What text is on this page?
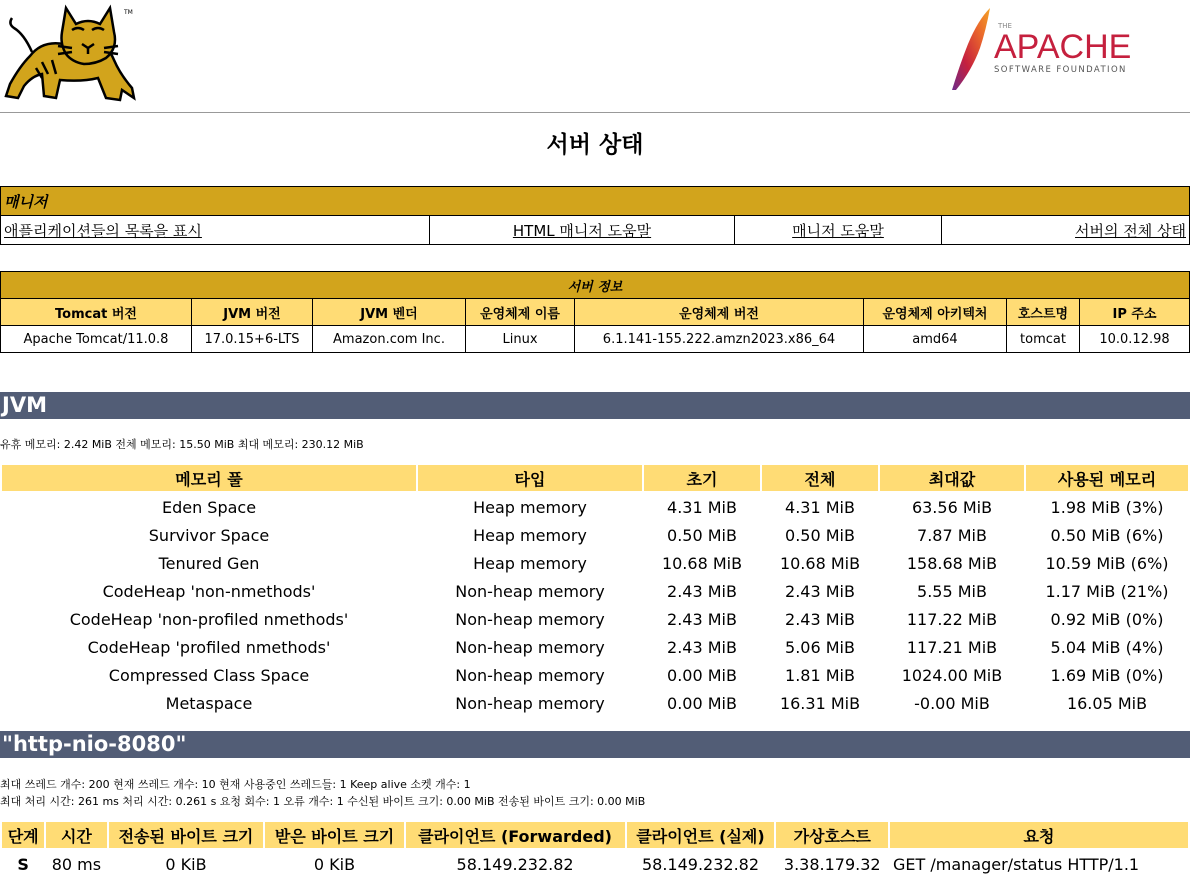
TM
THE
APACHE
SOFTWARE FOUNDATION
서버 상태
매니저
애플리케이션들의 목록을 표시	HTML 매니저 도움말	매니저 도움말	서버의 전체 상태
서버 정보							
Tomcat 버전	JVM 버전	JVM 벤더	운영체제 이름	운영체제 버전	운영체제 아키텍처	호스트명	IP 주소
Apache Tomcat/11.0.8	17.0.15+6-LTS	Amazon.com Inc.	Linux	6.1.141-155.222.amzn2023.x86_64	amd64	tomcat	10.0.12.98
JVM
유휴 메모리: 2.42 MiB 전체 메모리: 15.50 MiB 최대 메모리: 230.12 MiB
메모리 풀	타입	초기	전체	최대값	사용된 메모리
Eden Space	Heap memory	4.31 MiB	4.31 MiB	63.56 MiB	1.98 MiB (3%)
Survivor Space	Heap memory	0.50 MiB	0.50 MiB	7.87 MiB	0.50 MiB (6%)
Tenured Gen	Heap memory	10.68 MiB	10.68 MiB	158.68 MiB	10.59 MiB (6%)
CodeHeap 'non-nmethods'	Non-heap memory	2.43 MiB	2.43 MiB	5.55 MiB	1.17 MiB (21%)
CodeHeap 'non-profiled nmethods'	Non-heap memory	2.43 MiB	2.43 MiB	117.22 MiB	0.92 MiB (0%)
CodeHeap 'profiled nmethods'	Non-heap memory	2.43 MiB	5.06 MiB	117.21 MiB	5.04 MiB (4%)
Compressed Class Space	Non-heap memory	0.00 MiB	1.81 MiB	1024.00 MiB	1.69 MiB (0%)
Metaspace	Non-heap memory	0.00 MiB	16.31 MiB	-0.00 MiB	16.05 MiB
"http-nio-8080"
최대 쓰레드 개수: 200 현재 쓰레드 개수: 10 현재 사용중인 쓰레드들: 1 Keep alive 소켓 개수: 1
최대 처리 시간: 261 ms 처리 시간: 0.261 s 요청 회수: 1 오류 개수: 1 수신된 바이트 크기: 0.00 MiB 전송된 바이트 크기: 0.00 MiB
단계	시간	전송된 바이트 크기	받은 바이트 크기	클라이언트 (Forwarded)	클라이언트 (실제)	가상호스트	요청
S	80 ms	0 KiB	0 KiB	58.149.232.82	58.149.232.82	3.38.179.32	GET /manager/status HTTP/1.1
